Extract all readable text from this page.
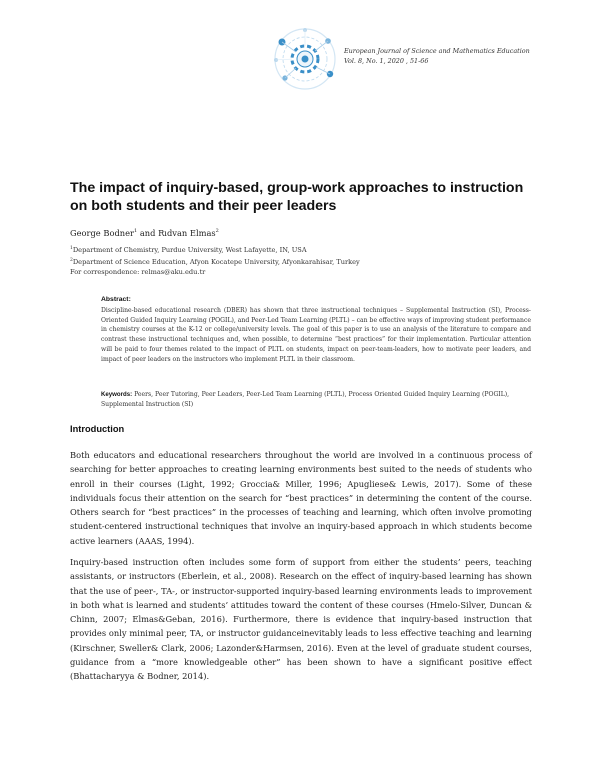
European Journal of Science and Mathematics Education
Vol. 8, No. 1, 2020 , 51-66
The impact of inquiry-based, group-work approaches to instruction on both students and their peer leaders
George Bodner$^1$ and Rıdvan Elmas$^2$
$^1$Department of Chemistry, Purdue University, West Lafayette, IN, USA
$^2$Department of Science Education, Afyon Kocatepe University, Afyonkarahisar, Turkey
For correspondence: relmas@aku.edu.tr
Abstract:

Discipline-based educational research (DBER) has shown that three instructional techniques – Supplemental Instruction (SI), Process-Oriented Guided Inquiry Learning (POGIL), and Peer-Led Team Learning (PLTL) – can be effective ways of improving student performance in chemistry courses at the K-12 or college/university levels. The goal of this paper is to use an analysis of the literature to compare and contrast these instructional techniques and, when possible, to determine “best practices” for their implementation. Particular attention will be paid to four themes related to the impact of PLTL on students, impact on peer-team-leaders, how to motivate peer leaders, and impact of peer leaders on the instructors who implement PLTL in their classroom.

Keywords: Peers, Peer Tutoring, Peer Leaders, Peer-Led Team Learning (PLTL), Process Oriented Guided Inquiry Learning (POGIL), Supplemental Instruction (SI)

Introduction

Both educators and educational researchers throughout the world are involved in a continuous process of searching for better approaches to creating learning environments best suited to the needs of students who enroll in their courses (Light, 1992; Groccia& Miller, 1996; Apugliese& Lewis, 2017). Some of these individuals focus their attention on the search for “best practices” in determining the content of the course. Others search for “best practices” in the processes of teaching and learning, which often involve promoting student-centered instructional techniques that involve an inquiry-based approach in which students become active learners (AAAS, 1994).

Inquiry-based instruction often includes some form of support from either the students’ peers, teaching assistants, or instructors (Eberlein, et al., 2008). Research on the effect of inquiry-based learning has shown that the use of peer-, TA-, or instructor-supported inquiry-based learning environments leads to improvement in both what is learned and students’ attitudes toward the content of these courses (Hmelo-Silver, Duncan & Chinn, 2007; Elmas&Geban, 2016). Furthermore, there is evidence that inquiry-based instruction that provides only minimal peer, TA, or instructor guidanceinevitably leads to less effective teaching and learning (Kirschner, Sweller& Clark, 2006; Lazonder&Harmsen, 2016). Even at the level of graduate student courses, guidance from a “more knowledgeable other” has been shown to have a significant positive effect (Bhattacharyya & Bodner, 2014).
